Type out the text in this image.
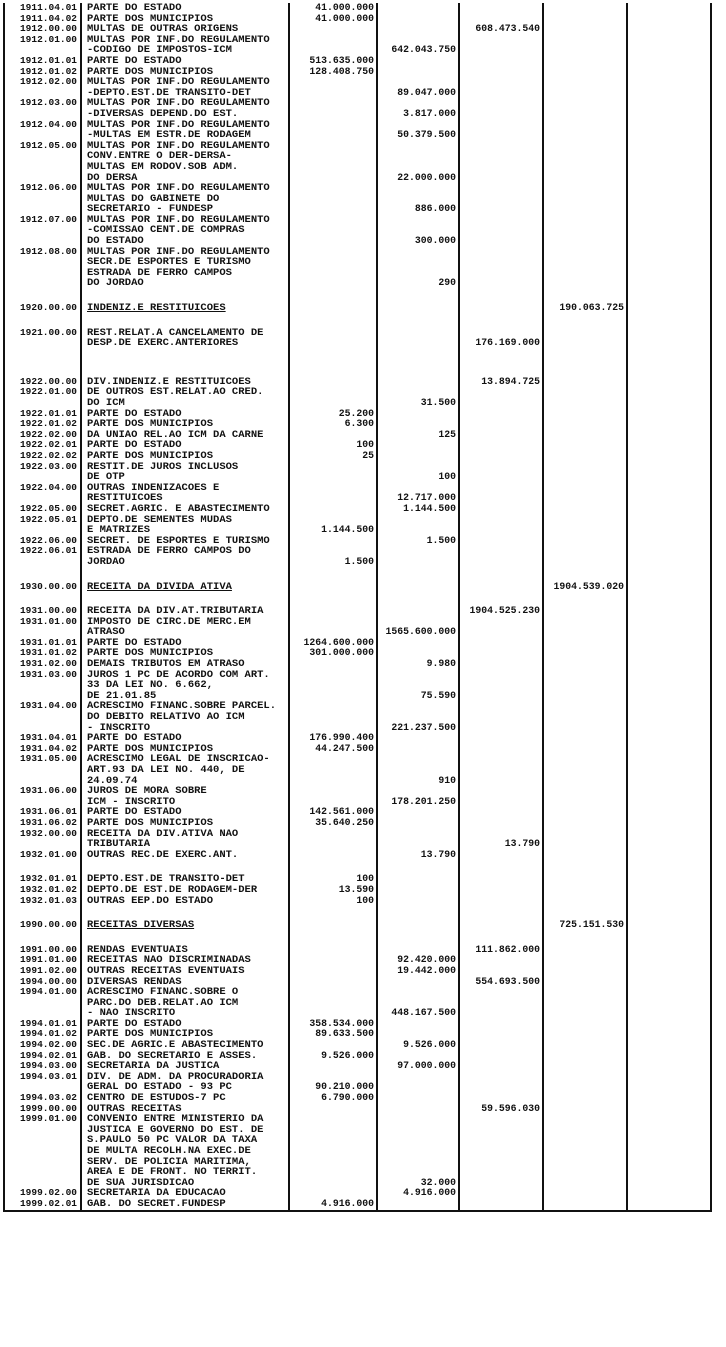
1911.04.01	PARTE DO ESTADO	41.000.000				
1911.04.02	PARTE DOS MUNICIPIOS	41.000.000				
1912.00.00	MULTAS DE OUTRAS ORIGENS			608.473.540		
1912.01.00	MULTAS POR INF.DO REGULAMENTO					
	-CODIGO DE IMPOSTOS-ICM		642.043.750			
1912.01.01	PARTE DO ESTADO	513.635.000				
1912.01.02	PARTE DOS MUNICIPIOS	128.408.750				
1912.02.00	MULTAS POR INF.DO REGULAMENTO					
	-DEPTO.EST.DE TRANSITO-DET		89.047.000			
1912.03.00	MULTAS POR INF.DO REGULAMENTO					
	-DIVERSAS DEPEND.DO EST.		3.817.000			
1912.04.00	MULTAS POR INF.DO REGULAMENTO					
	-MULTAS EM ESTR.DE RODAGEM		50.379.500			
1912.05.00	MULTAS POR INF.DO REGULAMENTO					
	CONV.ENTRE O DER-DERSA-					
	MULTAS EM RODOV.SOB ADM.					
	DO DERSA		22.000.000			
1912.06.00	MULTAS POR INF.DO REGULAMENTO					
	MULTAS DO GABINETE DO					
	SECRETARIO - FUNDESP		886.000			
1912.07.00	MULTAS POR INF.DO REGULAMENTO					
	-COMISSAO CENT.DE COMPRAS					
	DO ESTADO		300.000			
1912.08.00	MULTAS POR INF.DO REGULAMENTO					
	SECR.DE ESPORTES E TURISMO					
	ESTRADA DE FERRO CAMPOS					
	DO JORDAO		290			

1920.00.00	INDENIZ.E RESTITUICOES				190.063.725	

1921.00.00	REST.RELAT.A CANCELAMENTO DE					
	DESP.DE EXERC.ANTERIORES			176.169.000		

1922.00.00	DIV.INDENIZ.E RESTITUICOES			13.894.725		
1922.01.00	DE OUTROS EST.RELAT.AO CRED.					
	DO ICM		31.500			
1922.01.01	PARTE DO ESTADO	25.200				
1922.01.02	PARTE DOS MUNICIPIOS	6.300				
1922.02.00	DA UNIAO REL.AO ICM DA CARNE		125			
1922.02.01	PARTE DO ESTADO	100				
1922.02.02	PARTE DOS MUNICIPIOS	25				
1922.03.00	RESTIT.DE JUROS INCLUSOS					
	DE OTP		100			
1922.04.00	OUTRAS INDENIZACOES E					
	RESTITUICOES		12.717.000			
1922.05.00	SECRET.AGRIC. E ABASTECIMENTO		1.144.500			
1922.05.01	DEPTO.DE SEMENTES MUDAS					
	E MATRIZES	1.144.500				
1922.06.00	SECRET. DE ESPORTES E TURISMO		1.500			
1922.06.01	ESTRADA DE FERRO CAMPOS DO					
	JORDAO	1.500				

1930.00.00	RECEITA DA DIVIDA ATIVA				1904.539.020	

1931.00.00	RECEITA DA DIV.AT.TRIBUTARIA			1904.525.230		
1931.01.00	IMPOSTO DE CIRC.DE MERC.EM					
	ATRASO		1565.600.000			
1931.01.01	PARTE DO ESTADO	1264.600.000				
1931.01.02	PARTE DOS MUNICIPIOS	301.000.000				
1931.02.00	DEMAIS TRIBUTOS EM ATRASO		9.980			
1931.03.00	JUROS 1 PC DE ACORDO COM ART.					
	33 DA LEI NO. 6.662,					
	DE 21.01.85		75.590			
1931.04.00	ACRESCIMO FINANC.SOBRE PARCEL.					
	DO DEBITO RELATIVO AO ICM					
	- INSCRITO		221.237.500			
1931.04.01	PARTE DO ESTADO	176.990.400				
1931.04.02	PARTE DOS MUNICIPIOS	44.247.500				
1931.05.00	ACRESCIMO LEGAL DE INSCRICAO-					
	ART.93 DA LEI NO. 440, DE					
	24.09.74		910			
1931.06.00	JUROS DE MORA SOBRE					
	ICM - INSCRITO		178.201.250			
1931.06.01	PARTE DO ESTADO	142.561.000				
1931.06.02	PARTE DOS MUNICIPIOS	35.640.250				
1932.00.00	RECEITA DA DIV.ATIVA NAO					
	TRIBUTARIA			13.790		
1932.01.00	OUTRAS REC.DE EXERC.ANT.		13.790			

1932.01.01	DEPTO.EST.DE TRANSITO-DET	100				
1932.01.02	DEPTO.DE EST.DE RODAGEM-DER	13.590				
1932.01.03	OUTRAS EEP.DO ESTADO	100				

1990.00.00	RECEITAS DIVERSAS				725.151.530	

1991.00.00	RENDAS EVENTUAIS			111.862.000		
1991.01.00	RECEITAS NAO DISCRIMINADAS		92.420.000			
1991.02.00	OUTRAS RECEITAS EVENTUAIS		19.442.000			
1994.00.00	DIVERSAS RENDAS			554.693.500		
1994.01.00	ACRESCIMO FINANC.SOBRE O					
	PARC.DO DEB.RELAT.AO ICM					
	- NAO INSCRITO		448.167.500			
1994.01.01	PARTE DO ESTADO	358.534.000				
1994.01.02	PARTE DOS MUNICIPIOS	89.633.500				
1994.02.00	SEC.DE AGRIC.E ABASTECIMENTO		9.526.000			
1994.02.01	GAB. DO SECRETARIO E ASSES.	9.526.000				
1994.03.00	SECRETARIA DA JUSTICA		97.000.000			
1994.03.01	DIV. DE ADM. DA PROCURADORIA					
	GERAL DO ESTADO - 93 PC	90.210.000				
1994.03.02	CENTRO DE ESTUDOS-7 PC	6.790.000				
1999.00.00	OUTRAS RECEITAS			59.596.030		
1999.01.00	CONVENIO ENTRE MINISTERIO DA					
	JUSTICA E GOVERNO DO EST. DE					
	S.PAULO 50 PC VALOR DA TAXA					
	DE MULTA RECOLH.NA EXEC.DE					
	SERV. DE POLICIA MARITIMA,					
	AREA E DE FRONT. NO TERRIT.					
	DE SUA JURISDICAO		32.000			
1999.02.00	SECRETARIA DA EDUCACAO		4.916.000			
1999.02.01	GAB. DO SECRET.FUNDESP	4.916.000				
